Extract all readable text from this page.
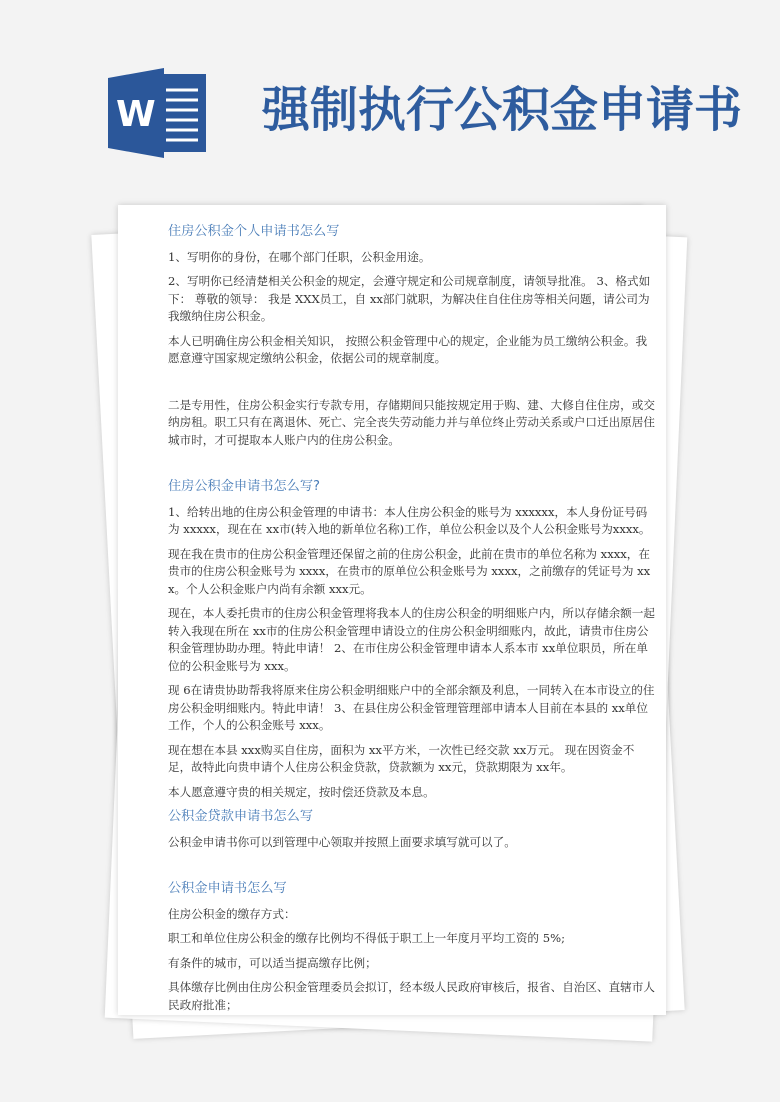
W 强制执行公积金申请书
住房公积金个人申请书怎么写

1、写明你的身份，在哪个部门任职，公积金用途。

2、写明你已经清楚相关公积金的规定，会遵守规定和公司规章制度，请领导批准。 3、格式如下： 尊敬的领导： 我是 XXX员工，自 xx部门就职，为解决住自住住房等相关问题，请公司为我缴纳住房公积金。

本人已明确住房公积金相关知识， 按照公积金管理中心的规定，企业能为员工缴纳公积金。我愿意遵守国家规定缴纳公积金，依据公司的规章制度。

二是专用性，住房公积金实行专款专用，存储期间只能按规定用于购、建、大修自住住房，或交纳房租。职工只有在离退休、死亡、完全丧失劳动能力并与单位终止劳动关系或户口迁出原居住城市时，才可提取本人账户内的住房公积金。

住房公积金申请书怎么写?

1、给转出地的住房公积金管理的申请书：本人住房公积金的账号为 xxxxxx，本人身份证号码为 xxxxx，现在在 xx市(转入地的新单位名称)工作，单位公积金以及个人公积金账号为xxxx。

现在我在贵市的住房公积金管理还保留之前的住房公积金，此前在贵市的单位名称为 xxxx，在贵市的住房公积金账号为 xxxx，在贵市的原单位公积金账号为 xxxx，之前缴存的凭证号为 xxx。个人公积金账户内尚有余额 xxx元。

现在，本人委托贵市的住房公积金管理将我本人的住房公积金的明细账户内，所以存储余额一起转入我现在所在 xx市的住房公积金管理申请设立的住房公积金明细账内，故此，请贵市住房公积金管理协助办理。特此申请！ 2、在市住房公积金管理申请本人系本市 xx单位职员，所在单位的公积金账号为 xxx。

现 6在请贵协助帮我将原来住房公积金明细账户中的全部余额及利息，一同转入在本市设立的住房公积金明细账内。特此申请！ 3、在县住房公积金管理管理部申请本人目前在本县的 xx单位工作，个人的公积金账号 xxx。

现在想在本县 xxx购买自住房，面积为 xx平方米，一次性已经交款 xx万元。 现在因资金不足，故特此向贵申请个人住房公积金贷款，贷款额为 xx元，贷款期限为 xx年。

本人愿意遵守贵的相关规定，按时偿还贷款及本息。

公积金贷款申请书怎么写

公积金申请书你可以到管理中心领取并按照上面要求填写就可以了。

公积金申请书怎么写

住房公积金的缴存方式：

职工和单位住房公积金的缴存比例均不得低于职工上一年度月平均工资的 5%;

有条件的城市，可以适当提高缴存比例；

具体缴存比例由住房公积金管理委员会拟订，经本级人民政府审核后，报省、自治区、直辖市人民政府批准；
